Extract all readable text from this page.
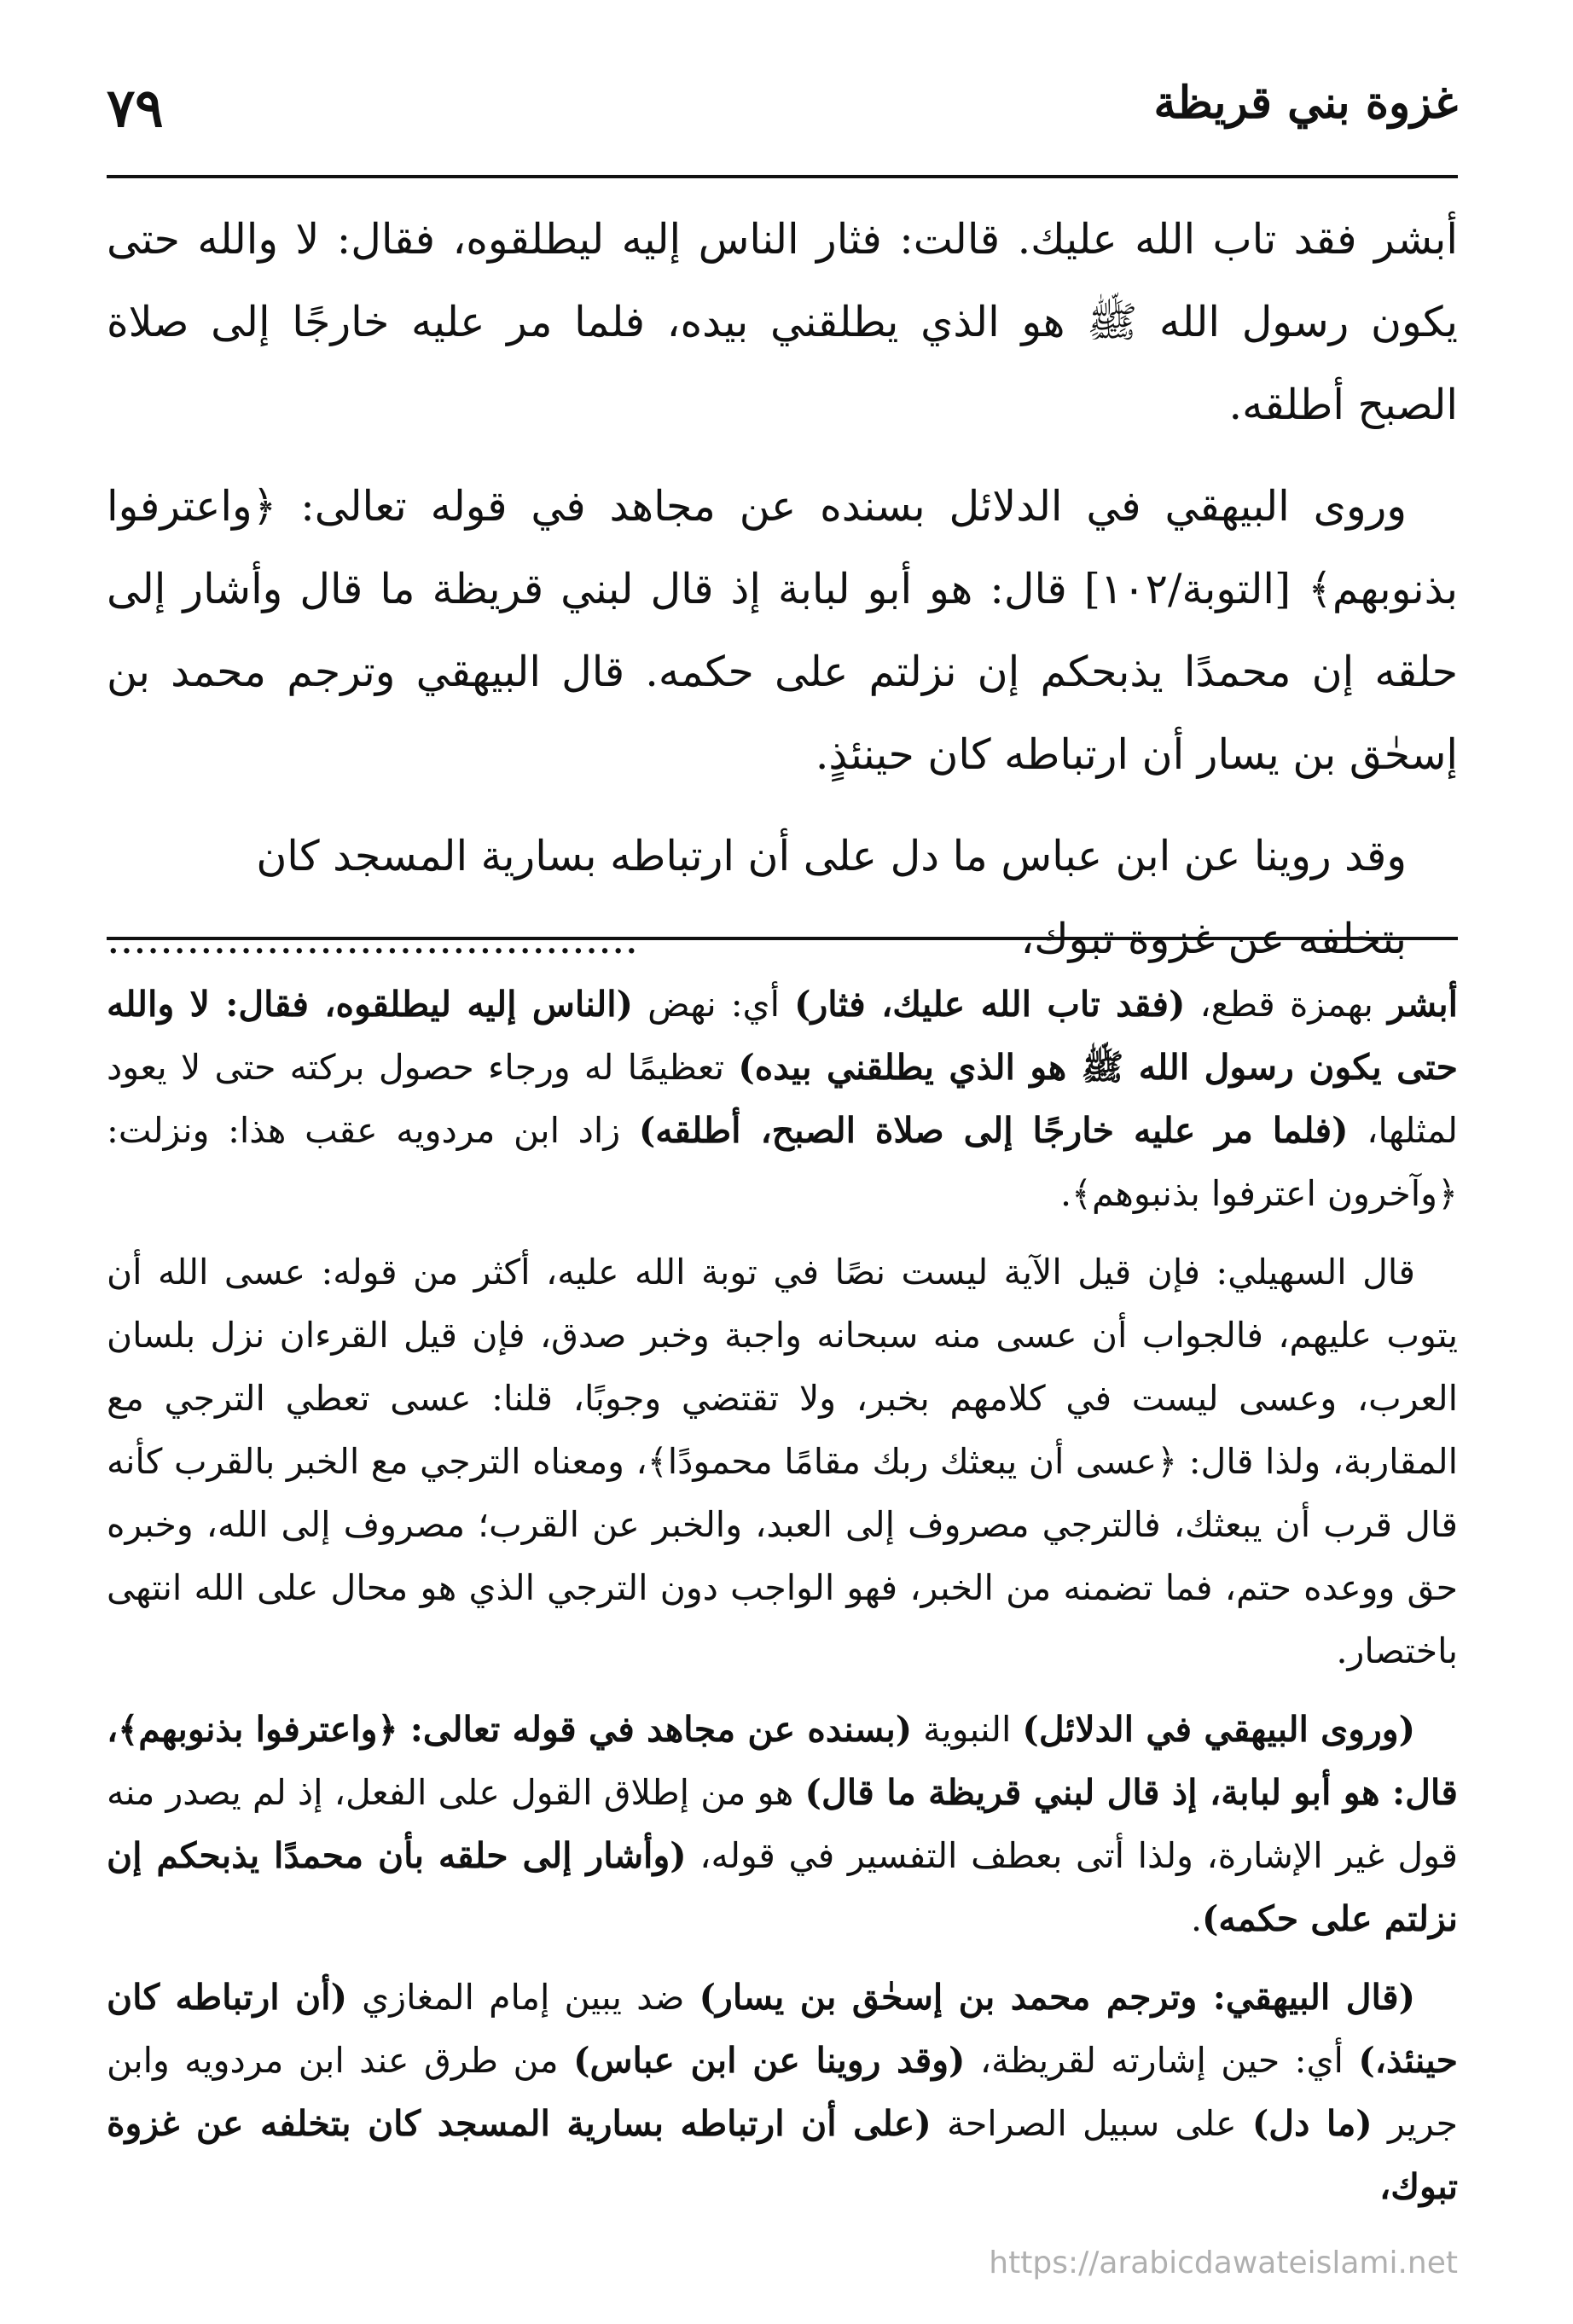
٧٩	غزوة بني قريظة

أبشر فقد تاب الله عليك. قالت: فثار الناس إليه ليطلقوه، فقال: لا والله حتى يكون رسول الله ﷺ هو الذي يطلقني بيده، فلما مر عليه خارجًا إلى صلاة الصبح أطلقه.

وروى البيهقي في الدلائل بسنده عن مجاهد في قوله تعالى: ﴿واعترفوا بذنوبهم﴾ [التوبة/١٠٢] قال: هو أبو لبابة إذ قال لبني قريظة ما قال وأشار إلى حلقه إن محمدًا يذبحكم إن نزلتم على حكمه. قال البيهقي وترجم محمد بن إسحٰق بن يسار أن ارتباطه كان حينئذٍ.

وقد روينا عن ابن عباس ما دل على أن ارتباطه بسارية المسجد كان
بتخلفه عن غزوة تبوك،
........................................

أبشر بهمزة قطع، (فقد تاب الله عليك، فثار) أي: نهض (الناس إليه ليطلقوه، فقال: لا والله حتى يكون رسول الله ﷺ هو الذي يطلقني بيده) تعظيمًا له ورجاء حصول بركته حتى لا يعود لمثلها، (فلما مر عليه خارجًا إلى صلاة الصبح، أطلقه) زاد ابن مردويه عقب هذا: ونزلت: ﴿وآخرون اعترفوا بذنبوهم﴾.

قال السهيلي: فإن قيل الآية ليست نصًا في توبة الله عليه، أكثر من قوله: عسى الله أن يتوب عليهم، فالجواب أن عسى منه سبحانه واجبة وخبر صدق، فإن قيل القرءان نزل بلسان العرب، وعسى ليست في كلامهم بخبر، ولا تقتضي وجوبًا، قلنا: عسى تعطي الترجي مع المقاربة، ولذا قال: ﴿عسى أن يبعثك ربك مقامًا محمودًا﴾، ومعناه الترجي مع الخبر بالقرب كأنه قال قرب أن يبعثك، فالترجي مصروف إلى العبد، والخبر عن القرب؛ مصروف إلى الله، وخبره حق ووعده حتم، فما تضمنه من الخبر، فهو الواجب دون الترجي الذي هو محال على الله انتهى باختصار.

(وروى البيهقي في الدلائل) النبوية (بسنده عن مجاهد في قوله تعالى: ﴿واعترفوا بذنوبهم﴾، قال: هو أبو لبابة، إذ قال لبني قريظة ما قال) هو من إطلاق القول على الفعل، إذ لم يصدر منه قول غير الإشارة، ولذا أتى بعطف التفسير في قوله، (وأشار إلى حلقه بأن محمدًا يذبحكم إن نزلتم على حكمه).

(قال البيهقي: وترجم محمد بن إسحٰق بن يسار) ضد يبين إمام المغازي (أن ارتباطه كان حينئذ،) أي: حين إشارته لقريظة، (وقد روينا عن ابن عباس) من طرق عند ابن مردويه وابن جرير (ما دل) على سبيل الصراحة (على أن ارتباطه بسارية المسجد كان بتخلفه عن غزوة تبوك،

https://arabicdawateislami.net
